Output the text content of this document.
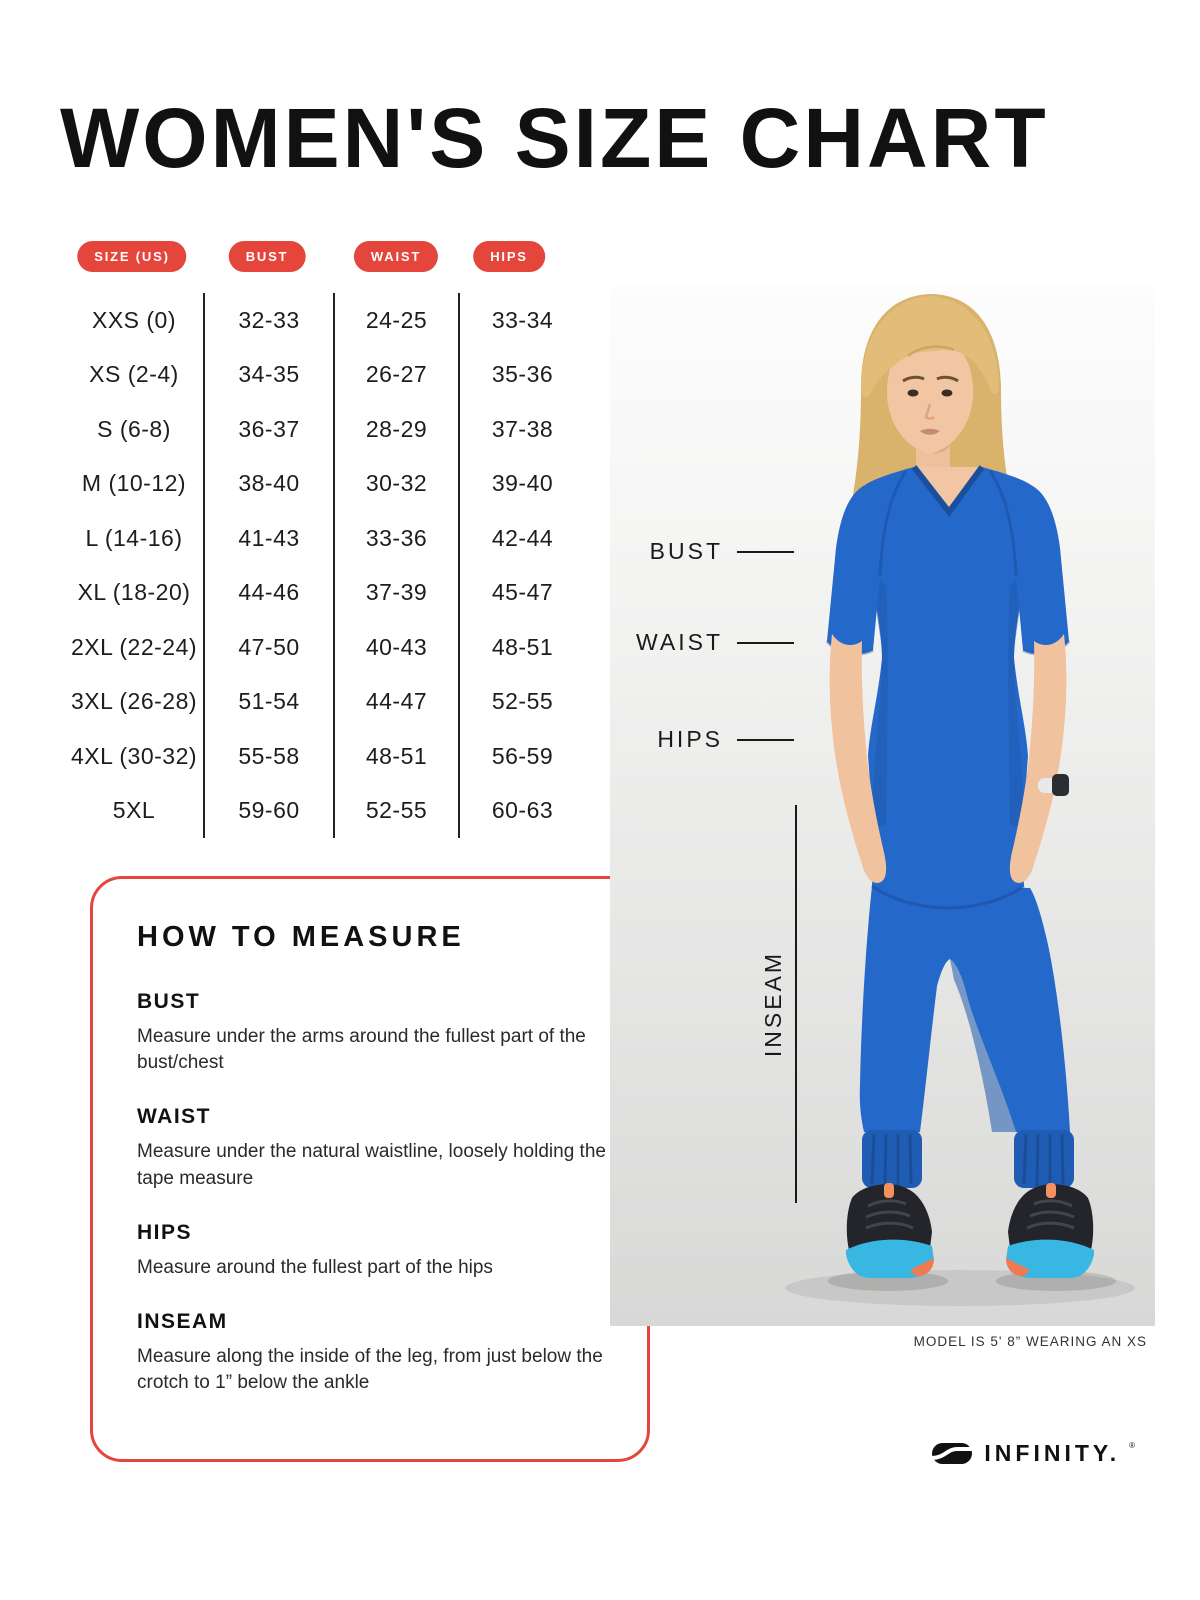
WOMEN'S SIZE CHART
SIZE (US)	BUST	WAIST	HIPS
XXS (0)	32-33	24-25	33-34
XS (2-4)	34-35	26-27	35-36
S (6-8)	36-37	28-29	37-38
M (10-12)	38-40	30-32	39-40
L (14-16)	41-43	33-36	42-44
XL (18-20)	44-46	37-39	45-47
2XL (22-24)	47-50	40-43	48-51
3XL (26-28)	51-54	44-47	52-55
4XL (30-32)	55-58	48-51	56-59
5XL	59-60	52-55	60-63
HOW TO MEASURE
BUST

Measure under the arms around the fullest part of the bust/chest

WAIST

Measure under the natural waistline, loosely holding the tape measure

HIPS

Measure around the fullest part of the hips

INSEAM

Measure along the inside of the leg, from just below the crotch to 1” below the ankle

BUST
WAIST
HIPS
INSEAM
MODEL IS 5' 8” WEARING AN XS
INFINITY. ®
